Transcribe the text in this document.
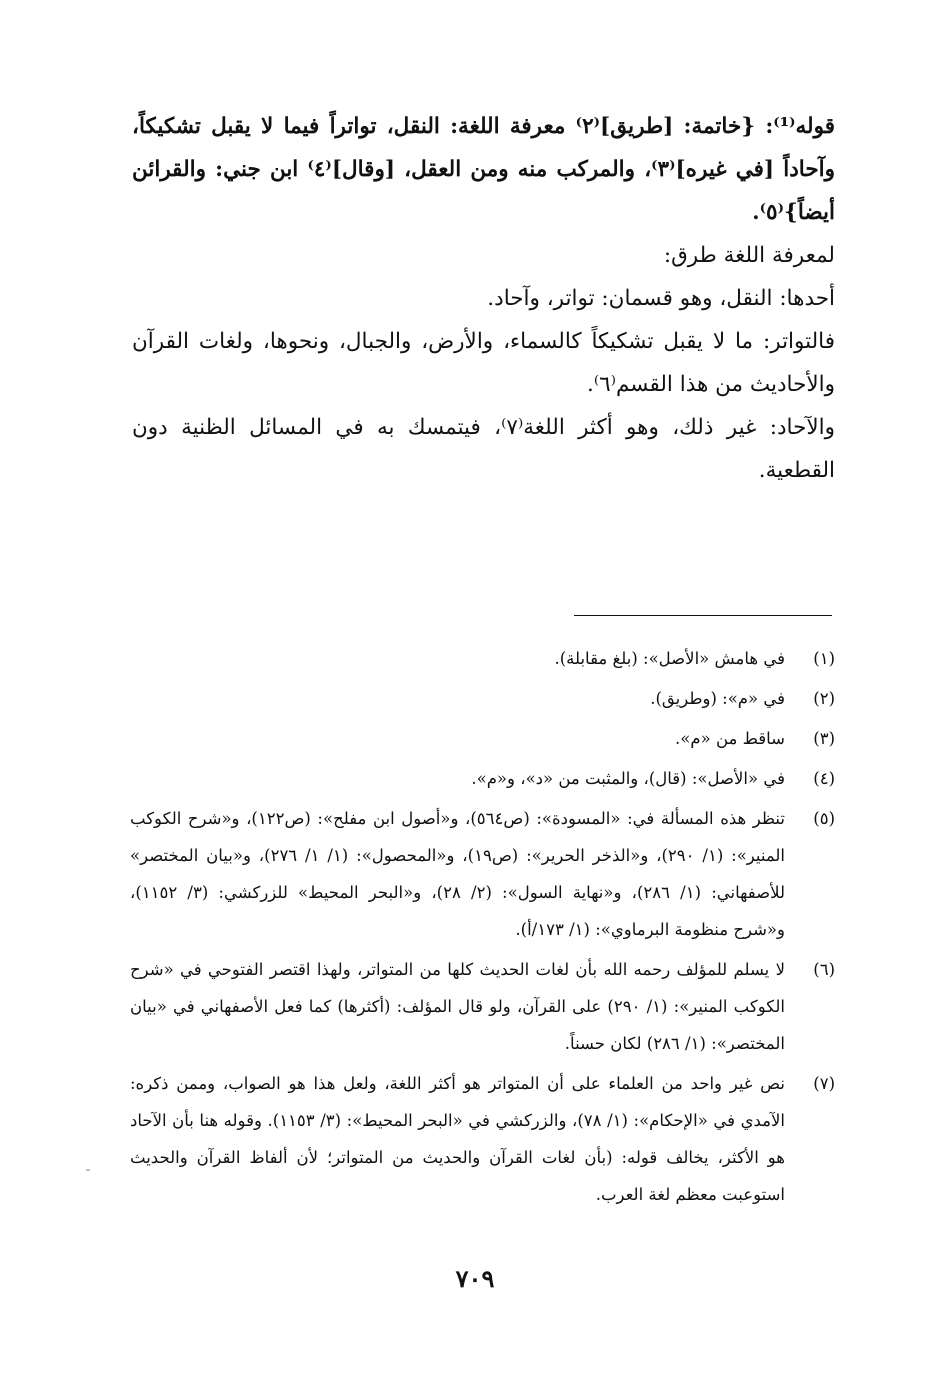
قوله⁽¹⁾: {خاتمة: [طريق]⁽٢⁾ معرفة اللغة: النقل، تواتراً فيما لا يقبل تشكيكاً، وآحاداً [في غيره]⁽٣⁾، والمركب منه ومن العقل، [وقال]⁽٤⁾ ابن جني: والقرائن أيضاً}⁽٥⁾.

لمعرفة اللغة طرق:

أحدها: النقل، وهو قسمان: تواتر، وآحاد.

فالتواتر: ما لا يقبل تشكيكاً كالسماء، والأرض، والجبال، ونحوها، ولغات القرآن والأحاديث من هذا القسم⁽٦⁾.

والآحاد: غير ذلك، وهو أكثر اللغة⁽٧⁾، فيتمسك به في المسائل الظنية دون القطعية.

(١)
في هامش «الأصل»: (بلغ مقابلة).
(٢)
في «م»: (وطريق).
(٣)
ساقط من «م».
(٤)
في «الأصل»: (قال)، والمثبت من «د»، و«م».
(٥)
تنظر هذه المسألة في: «المسودة»: (ص٥٦٤)، و«أصول ابن مفلح»: (ص١٢٢)، و«شرح الكوكب المنير»: (١/ ٢٩٠)، و«الذخر الحرير»: (ص١٩)، و«المحصول»: (١/ ١/ ٢٧٦)، و«بيان المختصر» للأصفهاني: (١/ ٢٨٦)، و«نهاية السول»: (٢/ ٢٨)، و«البحر المحيط» للزركشي: (٣/ ١١٥٢)، و«شرح منظومة البرماوي»: (١/ ١٧٣/أ).
(٦)
لا يسلم للمؤلف رحمه الله بأن لغات الحديث كلها من المتواتر، ولهذا اقتصر الفتوحي في «شرح الكوكب المنير»: (١/ ٢٩٠) على القرآن، ولو قال المؤلف: (أكثرها) كما فعل الأصفهاني في «بيان المختصر»: (١/ ٢٨٦) لكان حسناً.
(٧)
نص غير واحد من العلماء على أن المتواتر هو أكثر اللغة، ولعل هذا هو الصواب، وممن ذكره: الآمدي في «الإحكام»: (١/ ٧٨)، والزركشي في «البحر المحيط»: (٣/ ١١٥٣). وقوله هنا بأن الآحاد هو الأكثر، يخالف قوله: (بأن لغات القرآن والحديث من المتواتر؛ لأن ألفاظ القرآن والحديث استوعبت معظم لغة العرب.
٧٠٩
